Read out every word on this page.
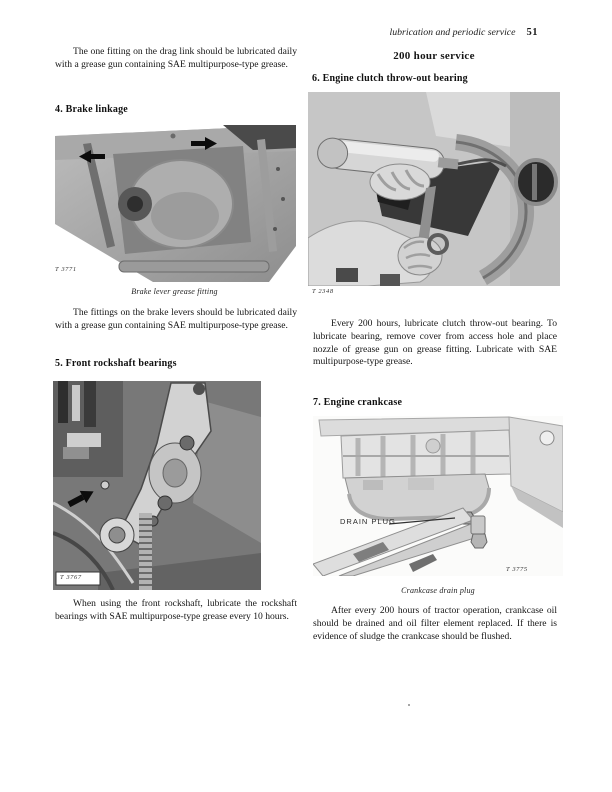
lubrication and periodic service 51
The one fitting on the drag link should be lubricated daily with a grease gun containing SAE multipurpose-type grease.
4. Brake linkage
T 3771
Brake lever grease fitting
The fittings on the brake levers should be lubricated daily with a grease gun containing SAE multipurpose-type grease.
5. Front rockshaft bearings
T 3767
When using the front rockshaft, lubricate the rockshaft bearings with SAE multipurpose-type grease every 10 hours.
200 hour service
6. Engine clutch throw-out bearing
T 2348
Every 200 hours, lubricate clutch throw-out bearing. To lubricate bearing, remove cover from access hole and place nozzle of grease gun on grease fitting. Lubricate with SAE multipurpose-type grease.
7. Engine crankcase
DRAIN PLUG
T 3775
Crankcase drain plug
After every 200 hours of tractor operation, crankcase oil should be drained and oil filter element replaced. If there is evidence of sludge the crankcase should be flushed.
